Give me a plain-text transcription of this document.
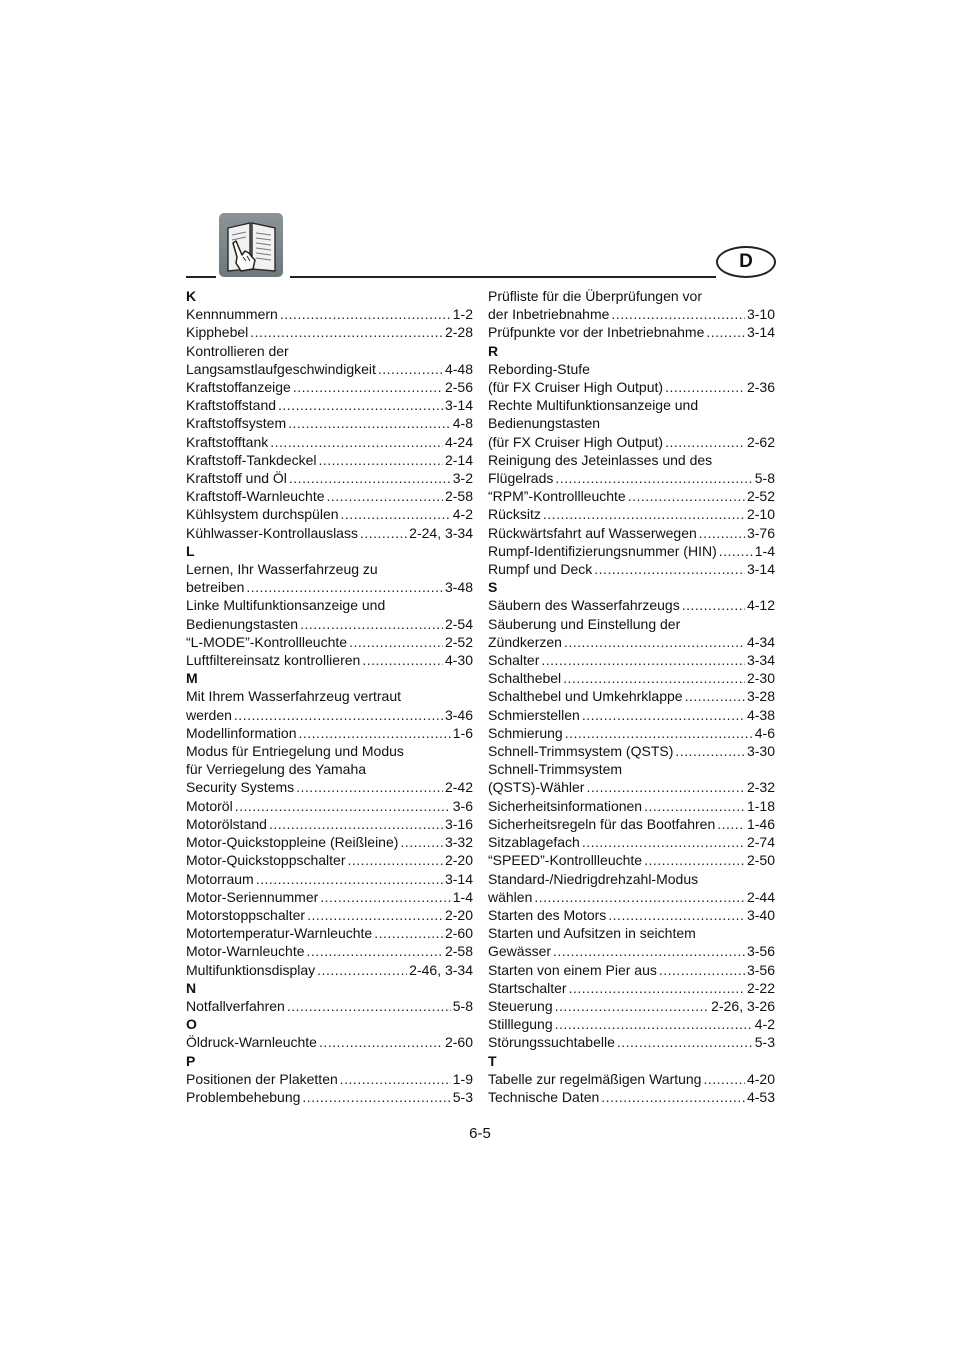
D
K
Kennnummern .....	1-2
Kipphebel .....	2-28
Kontrollieren der
Langsamstlaufgeschwindigkeit .....	4-48
Kraftstoffanzeige .....	2-56
Kraftstoffstand .....	3-14
Kraftstoffsystem .....	4-8
Kraftstofftank .....	4-24
Kraftstoff-Tankdeckel .....	2-14
Kraftstoff und Öl .....	3-2
Kraftstoff-Warnleuchte .....	2-58
Kühlsystem durchspülen .....	4-2
Kühlwasser-Kontrollauslass .....	2-24, 3-34
L
Lernen, Ihr Wasserfahrzeug zu
betreiben .....	3-48
Linke Multifunktionsanzeige und
Bedienungstasten .....	2-54
“L-MODE”-Kontrollleuchte .....	2-52
Luftfiltereinsatz kontrollieren .....	4-30
M
Mit Ihrem Wasserfahrzeug vertraut
werden .....	3-46
Modellinformation .....	1-6
Modus für Entriegelung und Modus
für Verriegelung des Yamaha
Security Systems .....	2-42
Motoröl .....	3-6
Motorölstand .....	3-16
Motor-Quickstoppleine (Reißleine) .....	3-32
Motor-Quickstoppschalter .....	2-20
Motorraum .....	3-14
Motor-Seriennummer .....	1-4
Motorstoppschalter .....	2-20
Motortemperatur-Warnleuchte .....	2-60
Motor-Warnleuchte .....	2-58
Multifunktionsdisplay .....	2-46, 3-34
N
Notfallverfahren .....	5-8
O
Öldruck-Warnleuchte .....	2-60
P
Positionen der Plaketten .....	1-9
Problembehebung .....	5-3
Prüfliste für die Überprüfungen vor
der Inbetriebnahme .....	3-10
Prüfpunkte vor der Inbetriebnahme .....	3-14
R
Rebording-Stufe
(für FX Cruiser High Output) .....	2-36
Rechte Multifunktionsanzeige und
Bedienungstasten
(für FX Cruiser High Output) .....	2-62
Reinigung des Jeteinlasses und des
Flügelrads .....	5-8
“RPM”-Kontrollleuchte .....	2-52
Rücksitz .....	2-10
Rückwärtsfahrt auf Wasserwegen .....	3-76
Rumpf-Identifizierungsnummer (HIN) .....	1-4
Rumpf und Deck .....	3-14
S
Säubern des Wasserfahrzeugs .....	4-12
Säuberung und Einstellung der
Zündkerzen .....	4-34
Schalter .....	3-34
Schalthebel .....	2-30
Schalthebel und Umkehrklappe .....	3-28
Schmierstellen .....	4-38
Schmierung .....	4-6
Schnell-Trimmsystem (QSTS) .....	3-30
Schnell-Trimmsystem
(QSTS)-Wähler .....	2-32
Sicherheitsinformationen .....	1-18
Sicherheitsregeln für das Bootfahren ..... 1-46
Sitzablagefach .....	2-74
“SPEED”-Kontrollleuchte .....	2-50
Standard-/Niedrigdrehzahl-Modus
wählen .....	2-44
Starten des Motors .....	3-40
Starten und Aufsitzen in seichtem
Gewässer .....	3-56
Starten von einem Pier aus .....	3-56
Startschalter .....	2-22
Steuerung .....	2-26, 3-26
Stilllegung .....	4-2
Störungssuchtabelle .....	5-3
T
Tabelle zur regelmäßigen Wartung .....	4-20
Technische Daten .....	4-53
6-5
